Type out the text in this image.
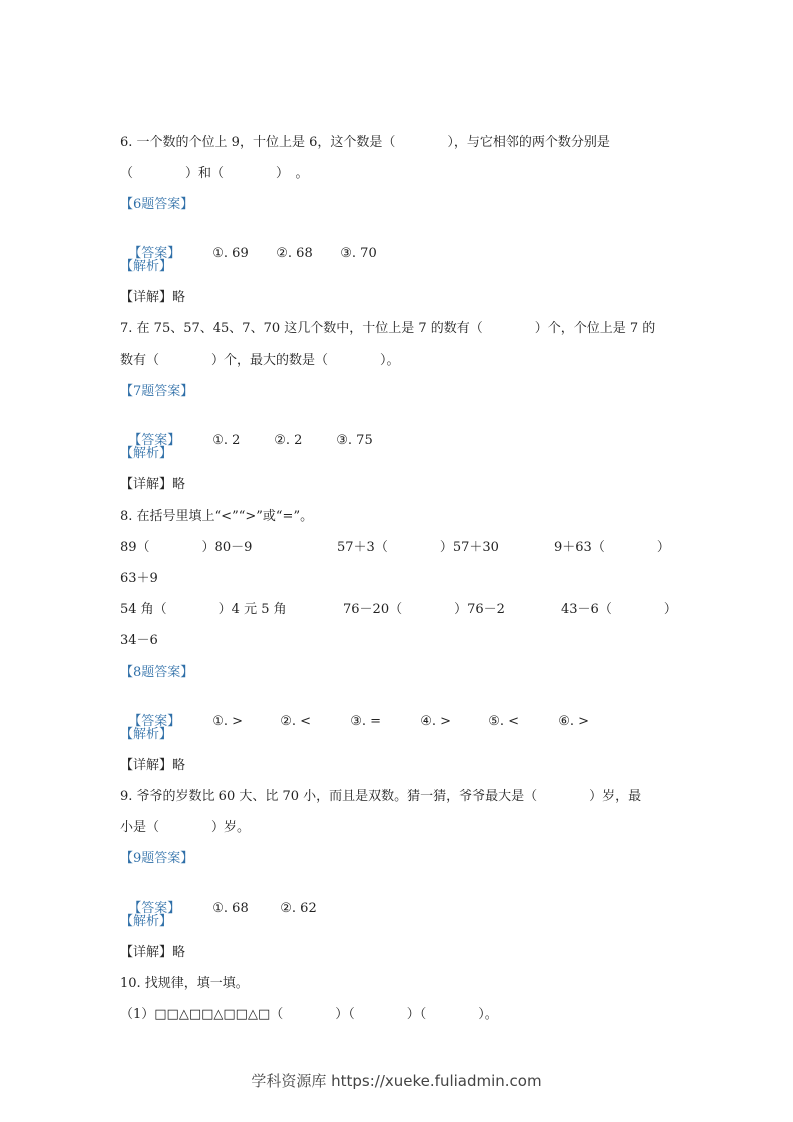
6. 一个数的个位上 9，十位上是 6，这个数是（　　　　），与它相邻的两个数分别是
（　　　　）和（　　　　）　。
【6题答案】

【答案】 ①. 69 ②. 68 ③. 70

【解析】
【详解】略
7. 在 75、57、45、7、70 这几个数中，十位上是 7 的数有（　　　　）个，个位上是 7 的
数有（　　　　）个，最大的数是（　　　　）。
【7题答案】

【答案】 ①. 2	②. 2	③. 75

【解析】
【详解】略
8. 在括号里填上“<”“>”或“=”。
89（　　　　）80－9	57＋3（　　　　）57＋30	9＋63（　　　　）
63＋9
54 角（　　　　）4 元 5 角	76－20（　　　　）76－2	43－6（　　　　）
34－6
【8题答案】

【答案】 ①. >	②. <	③. =	④. >	⑤. <	⑥. >

【解析】
【详解】略
9. 爷爷的岁数比 60 大、比 70 小，而且是双数。猜一猜，爷爷最大是（　　　　）岁，最
小是（　　　　）岁。
【9题答案】

【答案】 ①. 68 ②. 62

【解析】
【详解】略
10. 找规律，填一填。
（1）□□△□□△□□△□（　　　　）（　　　　）（　　　　）。
学科资源库 https://xueke.fuliadmin.com
